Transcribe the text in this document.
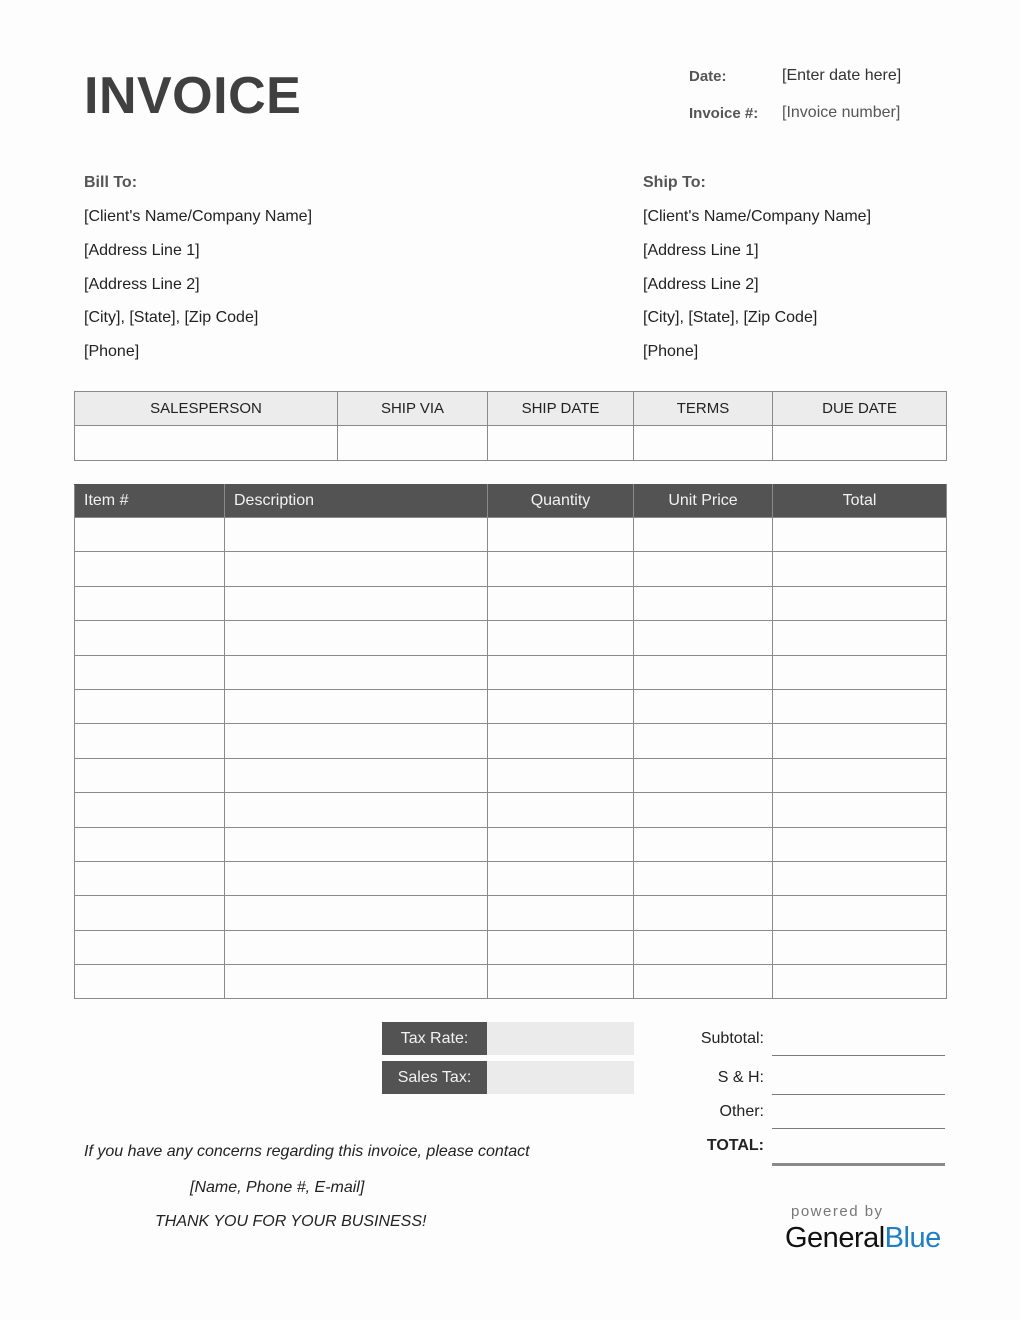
INVOICE	Date:	[Enter date here]
Invoice #: [Invoice number]
Bill To:
[Client's Name/Company Name]
[Address Line 1]
[Address Line 2]
[City], [State], [Zip Code]
[Phone]
Ship To:
[Client's Name/Company Name]
[Address Line 1]
[Address Line 2]
[City], [State], [Zip Code]
[Phone]
SALESPERSON	SHIP VIA	SHIP DATE	TERMS	DUE DATE

Item #	Description	Quantity	Unit Price	Total

Tax Rate:
Sales Tax:
Subtotal:
S & H:
Other:
TOTAL:
If you have any concerns regarding this invoice, please contact
[Name, Phone #, E-mail]
THANK YOU FOR YOUR BUSINESS!
powered by
GeneralBlue
